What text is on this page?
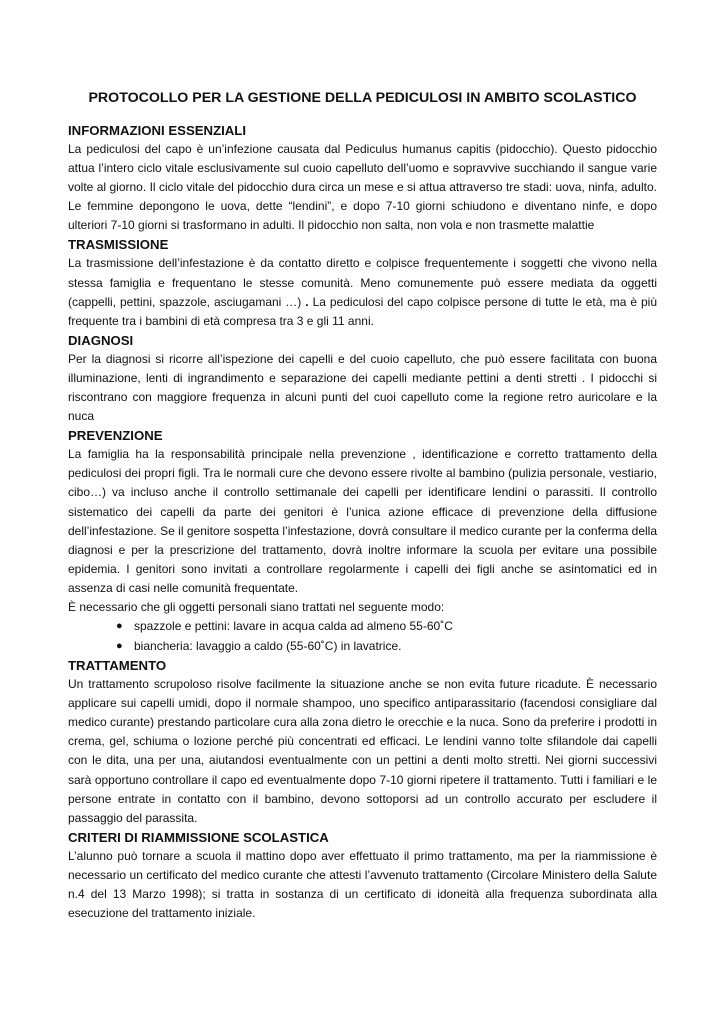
PROTOCOLLO PER LA GESTIONE DELLA PEDICULOSI IN AMBITO SCOLASTICO
INFORMAZIONI ESSENZIALI

La pediculosi del capo è un’infezione causata dal Pediculus humanus capitis (pidocchio). Questo pidocchio attua l’intero ciclo vitale esclusivamente sul cuoio capelluto dell’uomo e sopravvive succhiando il sangue varie volte al giorno. Il ciclo vitale del pidocchio dura circa un mese e si attua attraverso tre stadi: uova, ninfa, adulto. Le femmine depongono le uova, dette “lendini”, e dopo 7-10 giorni schiudono e diventano ninfe, e dopo ulteriori 7-10 giorni si trasformano in adulti. Il pidocchio non salta, non vola e non trasmette malattie

TRASMISSIONE

La trasmissione dell’infestazione è da contatto diretto e colpisce frequentemente i soggetti che vivono nella stessa famiglia e frequentano le stesse comunità. Meno comunemente può essere mediata da oggetti (cappelli, pettini, spazzole, asciugamani …) . La pediculosi del capo colpisce persone di tutte le età, ma è più frequente tra i bambini di età compresa tra 3 e gli 11 anni.

DIAGNOSI

Per la diagnosi si ricorre all’ispezione dei capelli e del cuoio capelluto, che può essere facilitata con buona illuminazione, lenti di ingrandimento e separazione dei capelli mediante pettini a denti stretti . I pidocchi si riscontrano con maggiore frequenza in alcuni punti del cuoi capelluto come la regione retro auricolare e la nuca

PREVENZIONE

La famiglia ha la responsabilità principale nella prevenzione , identificazione e corretto trattamento della pediculosi dei propri figli. Tra le normali cure che devono essere rivolte al bambino (pulizia personale, vestiario, cibo…) va incluso anche il controllo settimanale dei capelli per identificare lendini o parassiti. Il controllo sistematico dei capelli da parte dei genitori è l’unica azione efficace di prevenzione della diffusione dell’infestazione. Se il genitore sospetta l’infestazione, dovrà consultare il medico curante per la conferma della diagnosi e per la prescrizione del trattamento, dovrà inoltre informare la scuola per evitare una possibile epidemia. I genitori sono invitati a controllare regolarmente i capelli dei figli anche se asintomatici ed in assenza di casi nelle comunità frequentate.

È necessario che gli oggetti personali siano trattati nel seguente modo:

● spazzole e pettini: lavare in acqua calda ad almeno 55-60˚C
● biancheria: lavaggio a caldo (55-60˚C) in lavatrice.
TRATTAMENTO

Un trattamento scrupoloso risolve facilmente la situazione anche se non evita future ricadute. È necessario applicare sui capelli umidi, dopo il normale shampoo, uno specifico antiparassitario (facendosi consigliare dal medico curante) prestando particolare cura alla zona dietro le orecchie e la nuca. Sono da preferire i prodotti in crema, gel, schiuma o lozione perché più concentrati ed efficaci. Le lendini vanno tolte sfilandole dai capelli con le dita, una per una, aiutandosi eventualmente con un pettini a denti molto stretti. Nei giorni successivi sarà opportuno controllare il capo ed eventualmente dopo 7-10 giorni ripetere il trattamento. Tutti i familiari e le persone entrate in contatto con il bambino, devono sottoporsi ad un controllo accurato per escludere il passaggio del parassita.

CRITERI DI RIAMMISSIONE SCOLASTICA

L’alunno può tornare a scuola il mattino dopo aver effettuato il primo trattamento, ma per la riammissione è necessario un certificato del medico curante che attesti l’avvenuto trattamento (Circolare Ministero della Salute n.4 del 13 Marzo 1998); si tratta in sostanza di un certificato di idoneità alla frequenza subordinata alla esecuzione del trattamento iniziale.
